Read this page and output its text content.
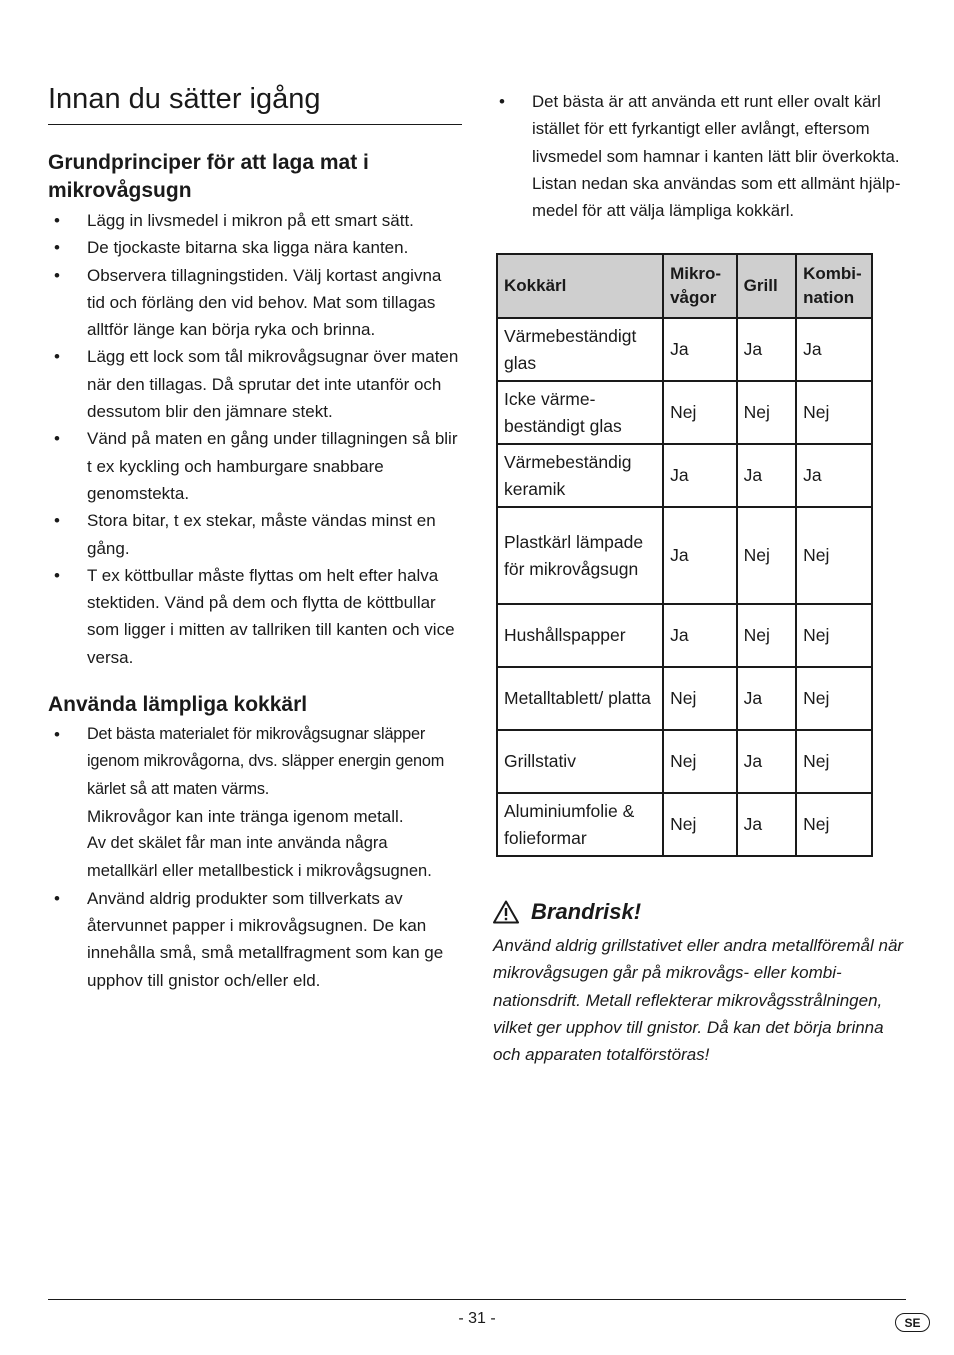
Innan du sätter igång
Grundprinciper för att laga mat i mikrovågsugn
• Lägg in livsmedel i mikron på ett smart sätt.
• De tjockaste bitarna ska ligga nära kanten.
• Observera tillagningstiden. Välj kortast angivna tid och förläng den vid behov. Mat som tillagas alltför länge kan börja ryka och brinna.
• Lägg ett lock som tål mikrovågsugnar över maten när den tillagas. Då sprutar det inte utanför och dessutom blir den jämnare stekt.
• Vänd på maten en gång under tillagningen så blir t ex kyckling och hamburgare snabbare genomstekta.
• Stora bitar, t ex stekar, måste vändas minst en gång.
• T ex köttbullar måste flyttas om helt efter halva stektiden. Vänd på dem och flytta de köttbullar som ligger i mitten av tallriken till kanten och vice versa.
Använda lämpliga kokkärl
• Det bästa materialet för mikrovågsugnar släpper igenom mikrovågorna, dvs. släpper energin genom kärlet så att maten värms.
Mikrovågor kan inte tränga igenom metall.
Av det skälet får man inte använda några metallkärl eller metallbestick i mikrovågsugnen.
• Använd aldrig produkter som tillverkats av återvunnet papper i mikrovågsugnen. De kan innehålla små, små metallfragment som kan ge upphov till gnistor och/eller eld.
• Det bästa är att använda ett runt eller ovalt kärl istället för ett fyrkantigt eller avlångt, eftersom livsmedel som hamnar i kanten lätt blir överkokta. Listan nedan ska användas som ett allmänt hjälp-medel för att välja lämpliga kokkärl.
Kokkärl	Mikro-vågor	Grill	Kombi-nation
Värmebeständigt glas	Ja	Ja	Ja
Icke värme-beständigt glas	Nej	Nej	Nej
Värmebeständig keramik	Ja	Ja	Ja
Plastkärl lämpade för mikrovågsugn	Ja	Nej	Nej
Hushållspapper	Ja	Nej	Nej
Metalltablett/ platta	Nej	Ja	Nej
Grillstativ	Nej	Ja	Nej
Aluminiumfolie & folieformar	Nej	Ja	Nej
Brandrisk!
Använd aldrig grillstativet eller andra metallföremål när mikrovågsugen går på mikrovågs- eller kombi-nationsdrift. Metall reflekterar mikrovågsstrålningen, vilket ger upphov till gnistor. Då kan det börja brinna och apparaten totalförstöras!
- 31 -	SE
